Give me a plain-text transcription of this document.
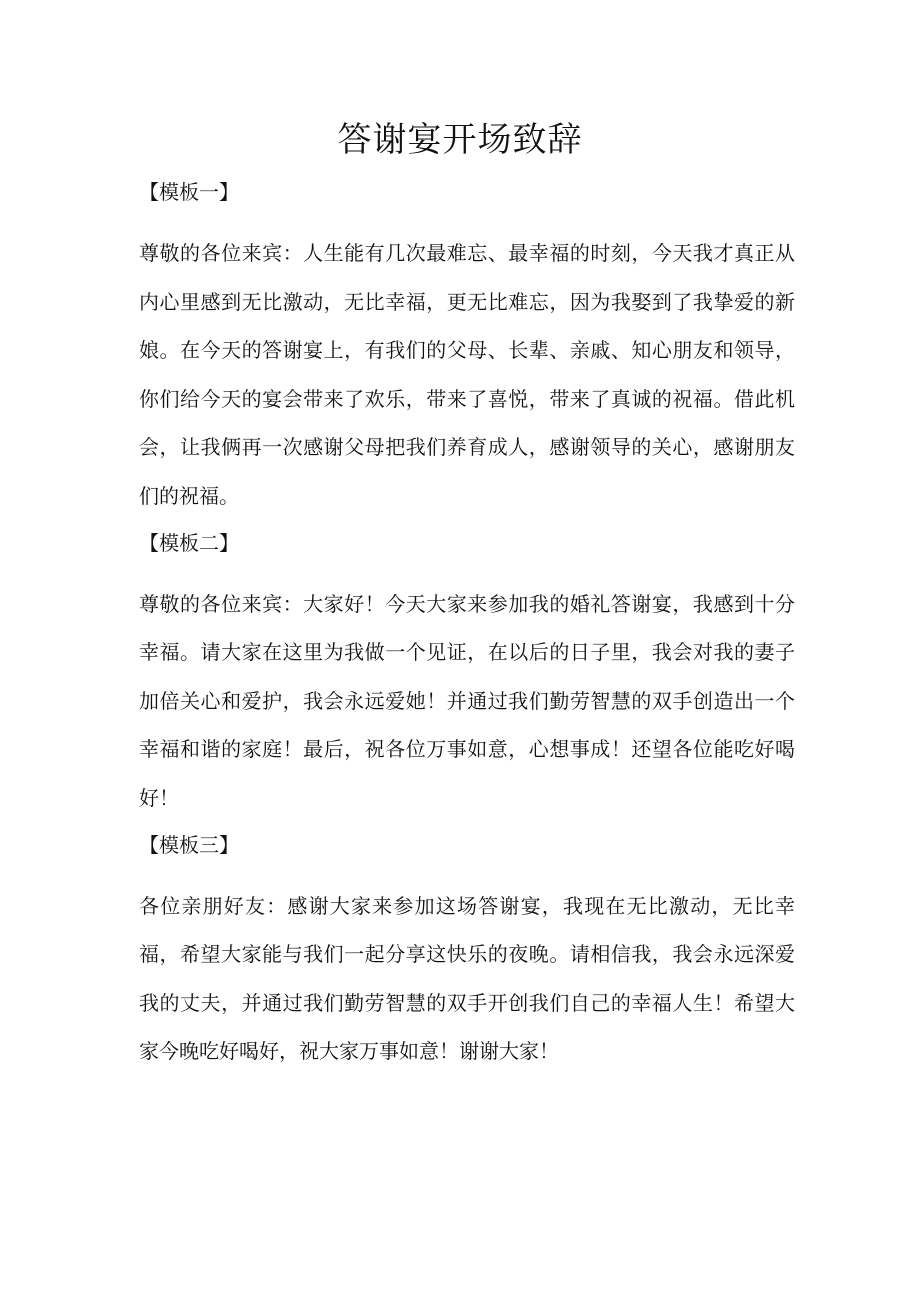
答谢宴开场致辞

【模板一】

尊敬的各位来宾：人生能有几次最难忘、最幸福的时刻，今天我才真正从内心里感到无比激动，无比幸福，更无比难忘，因为我娶到了我挚爱的新娘。在今天的答谢宴上，有我们的父母、长辈、亲戚、知心朋友和领导，你们给今天的宴会带来了欢乐，带来了喜悦，带来了真诚的祝福。借此机会，让我俩再一次感谢父母把我们养育成人，感谢领导的关心，感谢朋友们的祝福。

【模板二】

尊敬的各位来宾：大家好！今天大家来参加我的婚礼答谢宴，我感到十分幸福。请大家在这里为我做一个见证，在以后的日子里，我会对我的妻子加倍关心和爱护，我会永远爱她！并通过我们勤劳智慧的双手创造出一个幸福和谐的家庭！最后，祝各位万事如意，心想事成！还望各位能吃好喝好！

【模板三】

各位亲朋好友：感谢大家来参加这场答谢宴，我现在无比激动，无比幸福，希望大家能与我们一起分享这快乐的夜晚。请相信我，我会永远深爱我的丈夫，并通过我们勤劳智慧的双手开创我们自己的幸福人生！希望大家今晚吃好喝好，祝大家万事如意！谢谢大家！
